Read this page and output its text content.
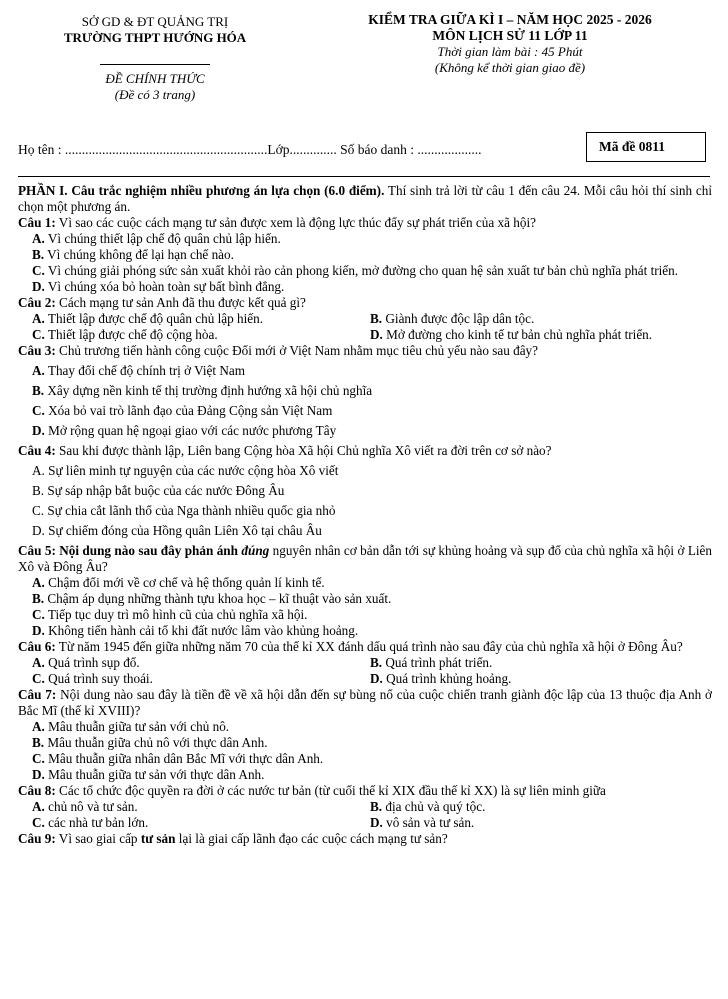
SỞ GD & ĐT QUẢNG TRỊ
TRƯỜNG THPT HƯỚNG HÓA
ĐỀ CHÍNH THỨC
(Đề có 3 trang)
KIỂM TRA GIỮA KÌ I – NĂM HỌC 2025 - 2026
MÔN LỊCH SỬ 11 LỚP 11
Thời gian làm bài : 45 Phút
(Không kể thời gian giao đề)
Họ tên : ............................................................Lớp.............. Số báo danh : ...................	Mã đề 0811

PHẦN I. Câu trắc nghiệm nhiều phương án lựa chọn (6.0 điểm). Thí sinh trả lời từ câu 1 đến câu 24. Mỗi câu hỏi thí sinh chỉ chọn một phương án.

Câu 1: Vì sao các cuộc cách mạng tư sản được xem là động lực thúc đẩy sự phát triển của xã hội?

A. Vì chúng thiết lập chế độ quân chủ lập hiến.

B. Vì chúng không để lại hạn chế nào.

C. Vì chúng giải phóng sức sản xuất khỏi rào cản phong kiến, mở đường cho quan hệ sản xuất tư bản chủ nghĩa phát triển.

D. Vì chúng xóa bỏ hoàn toàn sự bất bình đẳng.

Câu 2: Cách mạng tư sản Anh đã thu được kết quả gì?

A. Thiết lập được chế độ quân chủ lập hiến.	B. Giành được độc lập dân tộc.
C. Thiết lập được chế độ cộng hòa.	D. Mở đường cho kinh tế tư bản chủ nghĩa phát triển.

Câu 3: Chủ trương tiến hành công cuộc Đổi mới ở Việt Nam nhằm mục tiêu chủ yếu nào sau đây?

A. Thay đổi chế độ chính trị ở Việt Nam

B. Xây dựng nền kinh tế thị trường định hướng xã hội chủ nghĩa

C. Xóa bỏ vai trò lãnh đạo của Đảng Cộng sản Việt Nam

D. Mở rộng quan hệ ngoại giao với các nước phương Tây

Câu 4: Sau khi được thành lập, Liên bang Cộng hòa Xã hội Chủ nghĩa Xô viết ra đời trên cơ sở nào?

A. Sự liên minh tự nguyện của các nước cộng hòa Xô viết

B. Sự sáp nhập bắt buộc của các nước Đông Âu

C. Sự chia cắt lãnh thổ của Nga thành nhiều quốc gia nhỏ

D. Sự chiếm đóng của Hồng quân Liên Xô tại châu Âu

Câu 5: Nội dung nào sau đây phản ánh đúng nguyên nhân cơ bản dẫn tới sự khủng hoảng và sụp đổ của chủ nghĩa xã hội ở Liên Xô và Đông Âu?

A. Chậm đổi mới về cơ chế và hệ thống quản lí kinh tế.

B. Chậm áp dụng những thành tựu khoa học – kĩ thuật vào sản xuất.

C. Tiếp tục duy trì mô hình cũ của chủ nghĩa xã hội.

D. Không tiến hành cải tổ khi đất nước lâm vào khủng hoảng.

Câu 6: Từ năm 1945 đến giữa những năm 70 của thế kỉ XX đánh dấu quá trình nào sau đây của chủ nghĩa xã hội ở Đông Âu?

A. Quá trình sụp đổ.	B. Quá trình phát triển.
C. Quá trình suy thoái.	D. Quá trình khủng hoảng.

Câu 7: Nội dung nào sau đây là tiền đề về xã hội dẫn đến sự bùng nổ của cuộc chiến tranh giành độc lập của 13 thuộc địa Anh ở Bắc Mĩ (thế kỉ XVIII)?

A. Mâu thuẫn giữa tư sản với chủ nô.

B. Mâu thuẫn giữa chủ nô với thực dân Anh.

C. Mâu thuẫn giữa nhân dân Bắc Mĩ với thực dân Anh.

D. Mâu thuẫn giữa tư sản với thực dân Anh.

Câu 8: Các tổ chức độc quyền ra đời ở các nước tư bản (từ cuối thế kỉ XIX đầu thế kỉ XX) là sự liên minh giữa

A. chủ nô và tư sản.	B. địa chủ và quý tộc.
C. các nhà tư bản lớn.	D. vô sản và tư sản.

Câu 9: Vì sao giai cấp tư sản lại là giai cấp lãnh đạo các cuộc cách mạng tư sản?
